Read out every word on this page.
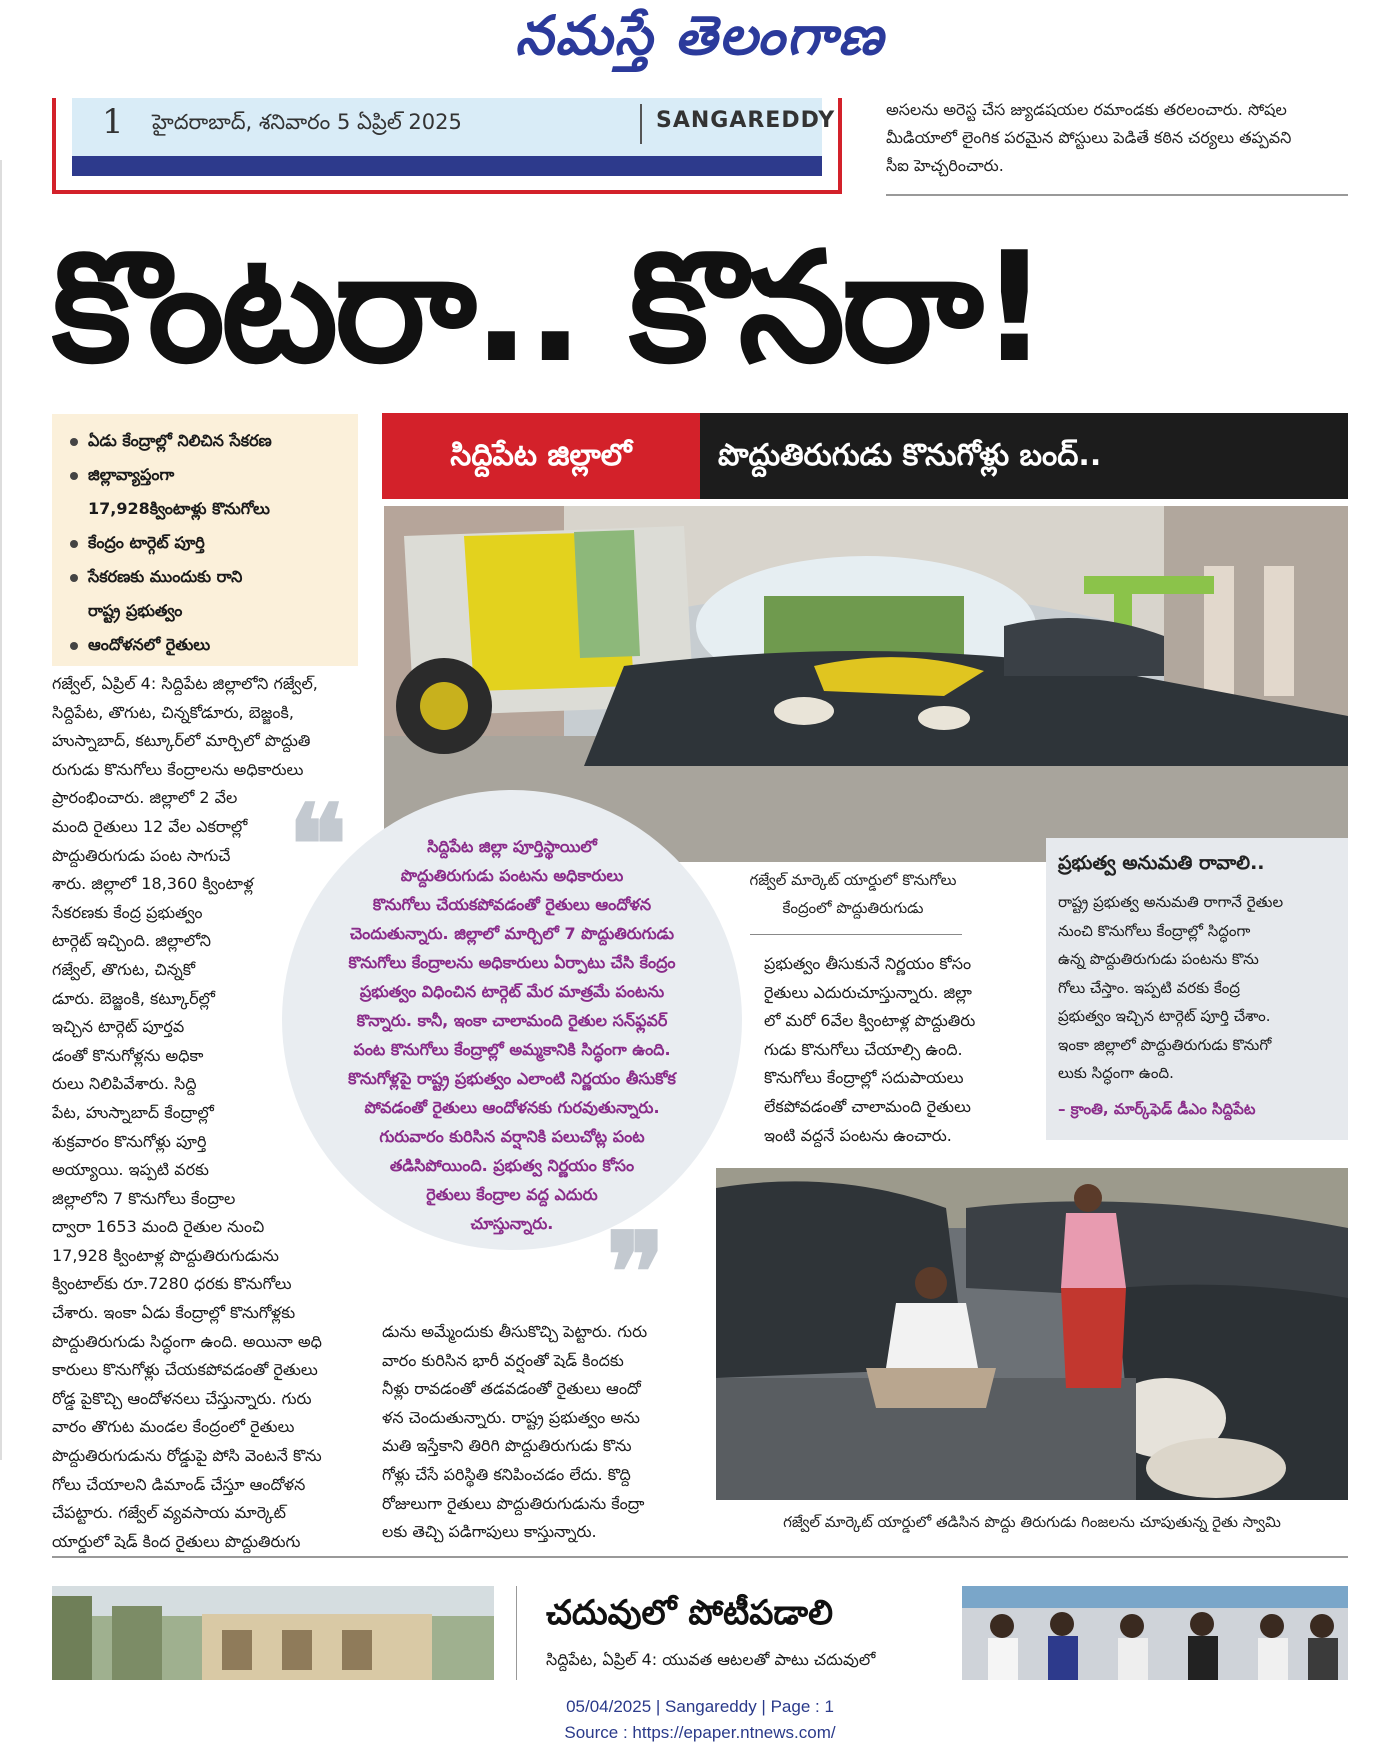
నమస్తే తెలంగాణ
1 హైదరాబాద్, శనివారం 5 ఏప్రిల్ 2025	SANGAREDDY	అసలను అరెస్ట చేస జ్యుడషయల రమాండకు తరలంచారు. సోషల
మీడియాలో లైంగిక పరమైన పోస్టులు పెడితే కఠిన చర్యలు తప్పవని
సీఐ హెచ్చరించారు.
కొంటరా.. కొనరా!
ఏడు కేంద్రాల్లో నిలిచిన సేకరణ
జిల్లావ్యాప్తంగా
17,928క్వింటాళ్లు కొనుగోలు
కేంద్రం టార్గెట్ పూర్తి
సేకరణకు ముందుకు రాని
రాష్ట్ర ప్రభుత్వం
ఆందోళనలో రైతులు
సిద్దిపేట జిల్లాలో	పొద్దుతిరుగుడు కొనుగోళ్లు బంద్..
గజ్వేల్, ఏప్రిల్ 4: సిద్దిపేట జిల్లాలోని గజ్వేల్,
సిద్దిపేట, తొగుట, చిన్నకోడూరు, బెజ్జంకి,
హుస్నాబాద్, కట్కూర్‌లో మార్చిలో పొద్దుతి
రుగుడు కొనుగోలు కేంద్రాలను అధికారులు
ప్రారంభించారు. జిల్లాలో 2 వేల
మంది రైతులు 12 వేల ఎకరాల్లో
పొద్దుతిరుగుడు పంట సాగుచే
శారు. జిల్లాలో 18,360 క్వింటాళ్ల
సేకరణకు కేంద్ర ప్రభుత్వం
టార్గెట్ ఇచ్చింది. జిల్లాలోని
గజ్వేల్, తొగుట, చిన్నకో
డూరు. బెజ్జంకి, కట్కూర్‌ల్లో
ఇచ్చిన టార్గెట్ పూర్తవ
డంతో కొనుగోళ్లను అధికా
రులు నిలిపివేశారు. సిద్ది
పేట, హుస్నాబాద్ కేంద్రాల్లో
శుక్రవారం కొనుగోళ్లు పూర్తి
అయ్యాయి. ఇప్పటి వరకు
జిల్లాలోని 7 కొనుగోలు కేంద్రాల
ద్వారా 1653 మంది రైతుల నుంచి
17,928 క్వింటాళ్ల పొద్దుతిరుగుడును
క్వింటాల్‌కు రూ.7280 ధరకు కొనుగోలు
చేశారు. ఇంకా ఏడు కేంద్రాల్లో కొనుగోళ్లకు
పొద్దుతిరుగుడు సిద్ధంగా ఉంది. అయినా అధి
కారులు కొనుగోళ్లు చేయకపోవడంతో రైతులు
రోడ్డ పైకొచ్చి ఆందోళనలు చేస్తున్నారు. గురు
వారం తొగుట మండల కేంద్రంలో రైతులు
పొద్దుతిరుగుడును రోడ్డుపై పోసి వెంటనే కొను
గోలు చేయాలని డిమాండ్ చేస్తూ ఆందోళన
చేపట్టారు. గజ్వేల్ వ్యవసాయ మార్కెట్
యార్డులో షెడ్ కింద రైతులు పొద్దుతిరుగు
❝
❞
సిద్దిపేట జిల్లా పూర్తిస్థాయిలో
పొద్దుతిరుగుడు పంటను అధికారులు
కొనుగోలు చేయకపోవడంతో రైతులు ఆందోళన
చెందుతున్నారు. జిల్లాలో మార్చిలో 7 పొద్దుతిరుగుడు
కొనుగోలు కేంద్రాలను అధికారులు ఏర్పాటు చేసి కేంద్రం
ప్రభుత్వం విధించిన టార్గెట్ మేర మాత్రమే పంటను
కొన్నారు. కానీ, ఇంకా చాలామంది రైతుల సన్‌ఫ్లవర్
పంట కొనుగోలు కేంద్రాల్లో అమ్మకానికి సిద్ధంగా ఉంది.
కొనుగోళ్లపై రాష్ట్ర ప్రభుత్వం ఎలాంటి నిర్ణయం తీసుకోక
పోవడంతో రైతులు ఆందోళనకు గురవుతున్నారు.
గురువారం కురిసిన వర్షానికి పలుచోట్ల పంట
తడిసిపోయింది. ప్రభుత్వ నిర్ణయం కోసం
రైతులు కేంద్రాల వద్ద ఎదురు
చూస్తున్నారు.
గజ్వేల్ మార్కెట్ యార్డులో కొనుగోలు
కేంద్రంలో పొద్దుతిరుగుడు
ప్రభుత్వం తీసుకునే నిర్ణయం కోసం
రైతులు ఎదురుచూస్తున్నారు. జిల్లా
లో మరో 6వేల క్వింటాళ్ల పొద్దుతిరు
గుడు కొనుగోలు చేయాల్సి ఉంది.
కొనుగోలు కేంద్రాల్లో సదుపాయలు
లేకపోవడంతో చాలామంది రైతులు
ఇంటి వద్దనే పంటను ఉంచారు.
ప్రభుత్వ అనుమతి రావాలి..
రాష్ట్ర ప్రభుత్వ అనుమతి రాగానే రైతుల
నుంచి కొనుగోలు కేంద్రాల్లో సిద్ధంగా
ఉన్న పొద్దుతిరుగుడు పంటను కొను
గోలు చేస్తాం. ఇప్పటి వరకు కేంద్ర
ప్రభుత్వం ఇచ్చిన టార్గెట్ పూర్తి చేశాం.
ఇంకా జిల్లాలో పొద్దుతిరుగుడు కొనుగో
లుకు సిద్ధంగా ఉంది.
– క్రాంతి, మార్క్‌ఫెడ్ డీఎం సిద్దిపేట
గజ్వేల్ మార్కెట్ యార్డులో తడిసిన పొద్దు తిరుగుడు గింజలను చూపుతున్న రైతు స్వామి
డును అమ్మేందుకు తీసుకొచ్చి పెట్టారు. గురు
వారం కురిసిన భారీ వర్షంతో షెడ్ కిందకు
నీళ్లు రావడంతో తడవడంతో రైతులు ఆందో
ళన చెందుతున్నారు. రాష్ట్ర ప్రభుత్వం అను
మతి ఇస్తేకాని తిరిగి పొద్దుతిరుగుడు కొను
గోళ్లు చేసే పరిస్థితి కనిపించడం లేదు. కొద్ది
రోజులుగా రైతులు పొద్దుతిరుగుడును కేంద్రా
లకు తెచ్చి పడిగాపులు కాస్తున్నారు.
చదువులో పోటీపడాలి
సిద్దిపేట, ఏప్రిల్ 4: యువత ఆటలతో పాటు చదువులో
05/04/2025 | Sangareddy | Page : 1
Source : https://epaper.ntnews.com/
